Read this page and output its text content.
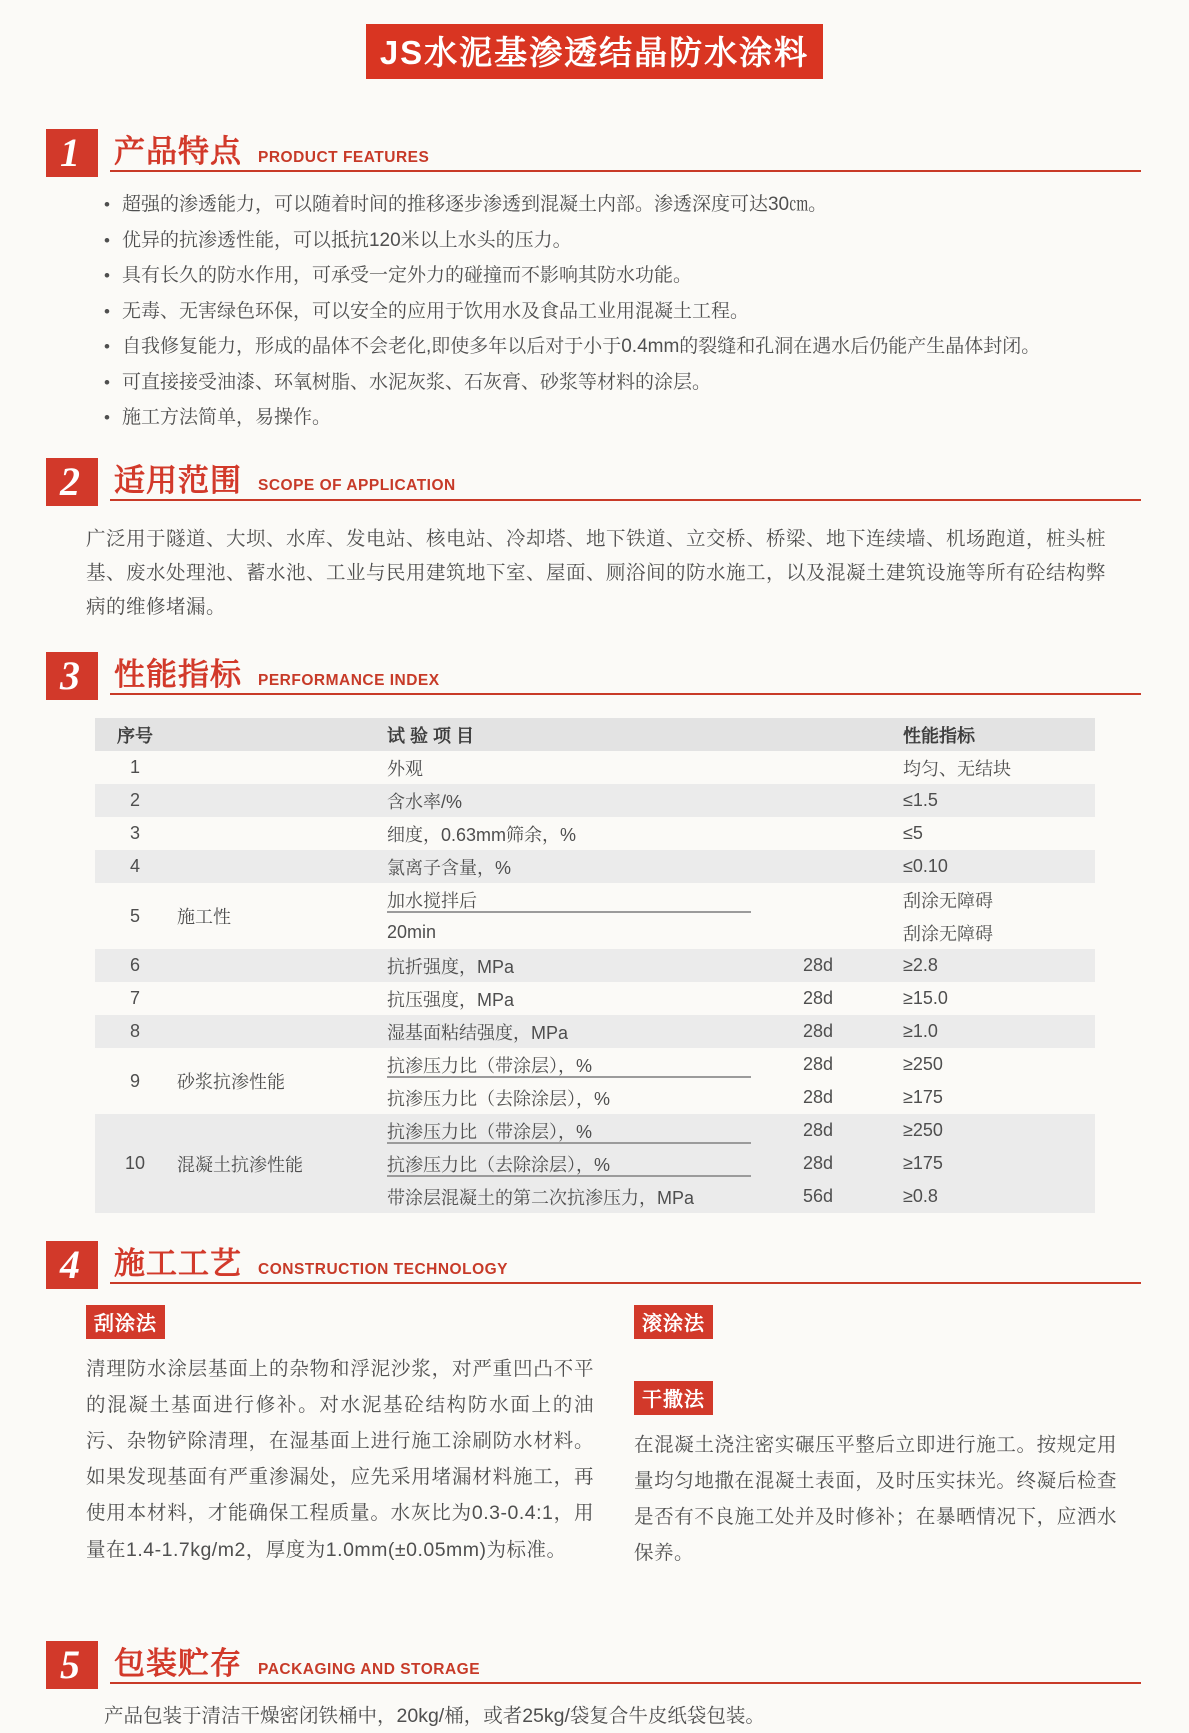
JS水泥基渗透结晶防水涂料
1	产品特点 PRODUCT FEATURES
• 超强的渗透能力，可以随着时间的推移逐步渗透到混凝土内部。渗透深度可达30㎝。
• 优异的抗渗透性能，可以抵抗120米以上水头的压力。
• 具有长久的防水作用，可承受一定外力的碰撞而不影响其防水功能。
• 无毒、无害绿色环保，可以安全的应用于饮用水及食品工业用混凝土工程。
• 自我修复能力，形成的晶体不会老化,即使多年以后对于小于0.4mm的裂缝和孔洞在遇水后仍能产生晶体封闭。
• 可直接接受油漆、环氧树脂、水泥灰浆、石灰膏、砂浆等材料的涂层。
• 施工方法简单，易操作。
2	适用范围 SCOPE OF APPLICATION
广泛用于隧道、大坝、水库、发电站、核电站、冷却塔、地下铁道、立交桥、桥梁、地下连续墙、机场跑道，桩头桩基、废水处理池、蓄水池、工业与民用建筑地下室、屋面、厕浴间的防水施工，以及混凝土建筑设施等所有砼结构弊病的维修堵漏。
3	性能指标 PERFORMANCE INDEX
序号	试 验 项 目	性能指标
1	外观	均匀、无结块
2	含水率/%	≤1.5
3	细度，0.63mm筛余，%	≤5
4	氯离子含量，%	≤0.10
5	施工性
加水搅拌后	刮涂无障碍
20min	刮涂无障碍
6	抗折强度，MPa	28d	≥2.8
7	抗压强度，MPa	28d	≥15.0
8	湿基面粘结强度，MPa	28d	≥1.0
9	砂浆抗渗性能
抗渗压力比（带涂层），%	28d	≥250
抗渗压力比（去除涂层），%	28d	≥175
10	混凝土抗渗性能
抗渗压力比（带涂层），%	28d	≥250
抗渗压力比（去除涂层），%	28d	≥175
带涂层混凝土的第二次抗渗压力，MPa	56d	≥0.8
4	施工工艺 CONSTRUCTION TECHNOLOGY
刮涂法
清理防水涂层基面上的杂物和浮泥沙浆，对严重凹凸不平的混凝土基面进行修补。对水泥基砼结构防水面上的油污、杂物铲除清理，在湿基面上进行施工涂刷防水材料。如果发现基面有严重渗漏处，应先采用堵漏材料施工，再使用本材料，才能确保工程质量。水灰比为0.3-0.4:1，用量在1.4-1.7kg/m2，厚度为1.0mm(±0.05mm)为标准。
滚涂法
干撒法
在混凝土浇注密实碾压平整后立即进行施工。按规定用量均匀地撒在混凝土表面，及时压实抹光。终凝后检查是否有不良施工处并及时修补；在暴晒情况下，应洒水保养。
5	包装贮存 PACKAGING AND STORAGE
产品包装于清洁干燥密闭铁桶中，20kg/桶，或者25kg/袋复合牛皮纸袋包装。
